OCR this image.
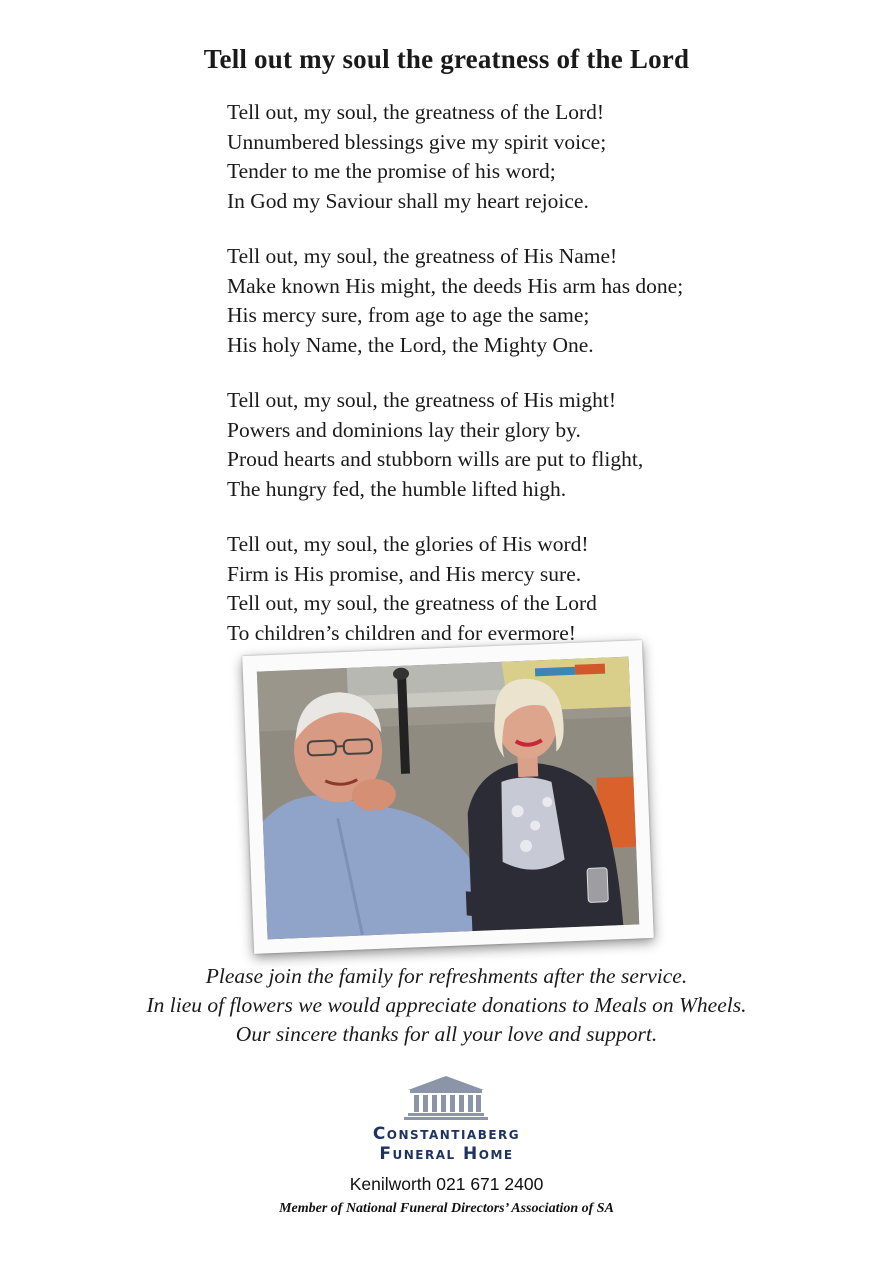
Tell out my soul the greatness of the Lord
Tell out, my soul, the greatness of the Lord!
Unnumbered blessings give my spirit voice;
Tender to me the promise of his word;
In God my Saviour shall my heart rejoice.
Tell out, my soul, the greatness of His Name!
Make known His might, the deeds His arm has done;
His mercy sure, from age to age the same;
His holy Name, the Lord, the Mighty One.
Tell out, my soul, the greatness of His might!
Powers and dominions lay their glory by.
Proud hearts and stubborn wills are put to flight,
The hungry fed, the humble lifted high.
Tell out, my soul, the glories of His word!
Firm is His promise, and His mercy sure.
Tell out, my soul, the greatness of the Lord
To children’s children and for evermore!
Please join the family for refreshments after the service.
In lieu of flowers we would appreciate donations to Meals on Wheels.
Our sincere thanks for all your love and support.
Constantiaberg
Funeral Home
Kenilworth 021 671 2400
Member of National Funeral Directors’ Association of SA
